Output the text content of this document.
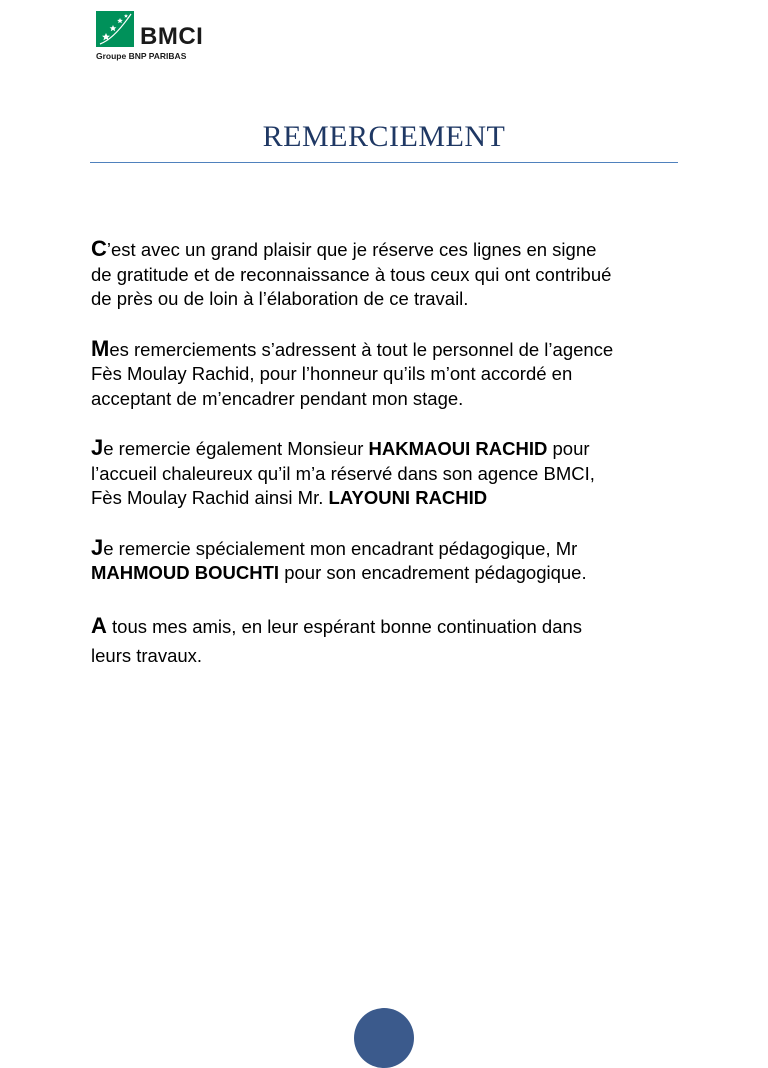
BMCI
Groupe BNP PARIBAS
REMERCIEMENT

C’est avec un grand plaisir que je réserve ces lignes en signe
de gratitude et de reconnaissance à tous ceux qui ont contribué
de près ou de loin à l’élaboration de ce travail.

Mes remerciements s’adressent à tout le personnel de l’agence
Fès Moulay Rachid, pour l’honneur qu’ils m’ont accordé en
acceptant de m’encadrer pendant mon stage.

Je remercie également Monsieur HAKMAOUI RACHID pour
l’accueil chaleureux qu’il m’a réservé dans son agence BMCI,
Fès Moulay Rachid ainsi Mr. LAYOUNI RACHID

Je remercie spécialement mon encadrant pédagogique, Mr
MAHMOUD BOUCHTI pour son encadrement pédagogique.

A tous mes amis, en leur espérant bonne continuation dans
leurs travaux.
